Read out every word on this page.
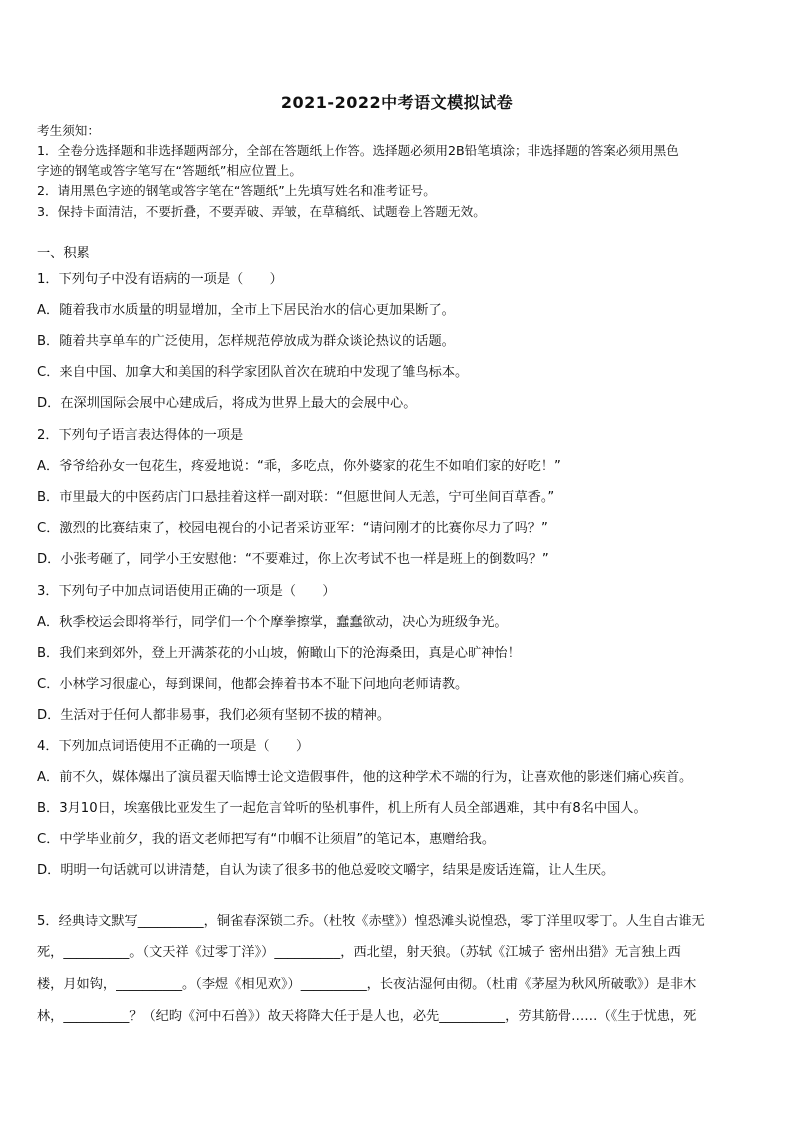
2021-2022中考语文模拟试卷
考生须知：
1．全卷分选择题和非选择题两部分，全部在答题纸上作答。选择题必须用2B铅笔填涂；非选择题的答案必须用黑色
字迹的钢笔或答字笔写在“答题纸”相应位置上。
2．请用黑色字迹的钢笔或答字笔在“答题纸”上先填写姓名和准考证号。
3．保持卡面清洁，不要折叠，不要弄破、弄皱，在草稿纸、试题卷上答题无效。
一、积累
1．下列句子中没有语病的一项是（　　）
A．随着我市水质量的明显增加，全市上下居民治水的信心更加果断了。
B．随着共享单车的广泛使用，怎样规范停放成为群众谈论热议的话题。
C．来自中国、加拿大和美国的科学家团队首次在琥珀中发现了雏鸟标本。
D．在深圳国际会展中心建成后，将成为世界上最大的会展中心。
2．下列句子语言表达得体的一项是
A．爷爷给孙女一包花生，疼爱地说：“乖，多吃点，你外婆家的花生不如咱们家的好吃！”
B．市里最大的中医药店门口悬挂着这样一副对联：“但愿世间人无恙，宁可坐间百草香。”
C．激烈的比赛结束了，校园电视台的小记者采访亚军：“请问刚才的比赛你尽力了吗？”
D．小张考砸了，同学小王安慰他：“不要难过，你上次考试不也一样是班上的倒数吗？”
3．下列句子中加点词语使用正确的一项是（　　）
A．秋季校运会即将举行，同学们一个个摩拳擦掌，蠢蠢欲动，决心为班级争光。
B．我们来到郊外，登上开满茶花的小山坡，俯瞰山下的沧海桑田，真是心旷神怡！
C．小林学习很虚心，每到课间，他都会捧着书本不耻下问地向老师请教。
D．生活对于任何人都非易事，我们必须有坚韧不拔的精神。
4．下列加点词语使用不正确的一项是（　　）
A．前不久，媒体爆出了演员翟天临博士论文造假事件，他的这种学术不端的行为，让喜欢他的影迷们痛心疾首。
B．3月10日，埃塞俄比亚发生了一起危言耸听的坠机事件，机上所有人员全部遇难，其中有8名中国人。
C．中学毕业前夕，我的语文老师把写有“巾帼不让须眉”的笔记本，惠赠给我。
D．明明一句话就可以讲清楚，自认为读了很多书的他总爱咬文嚼字，结果是废话连篇，让人生厌。
5．经典诗文默写__________，铜雀春深锁二乔。（杜牧《赤壁》）惶恐滩头说惶恐，零丁洋里叹零丁。人生自古谁无
死，__________。（文天祥《过零丁洋》）__________，西北望，射天狼。（苏轼《江城子 密州出猎》无言独上西
楼，月如钩，__________。（李煜《相见欢》）__________，长夜沾湿何由彻。（杜甫《茅屋为秋风所破歌》）是非木
林，__________？（纪昀《河中石兽》）故天将降大任于是人也，必先__________，劳其筋骨……（《生于忧患，死
